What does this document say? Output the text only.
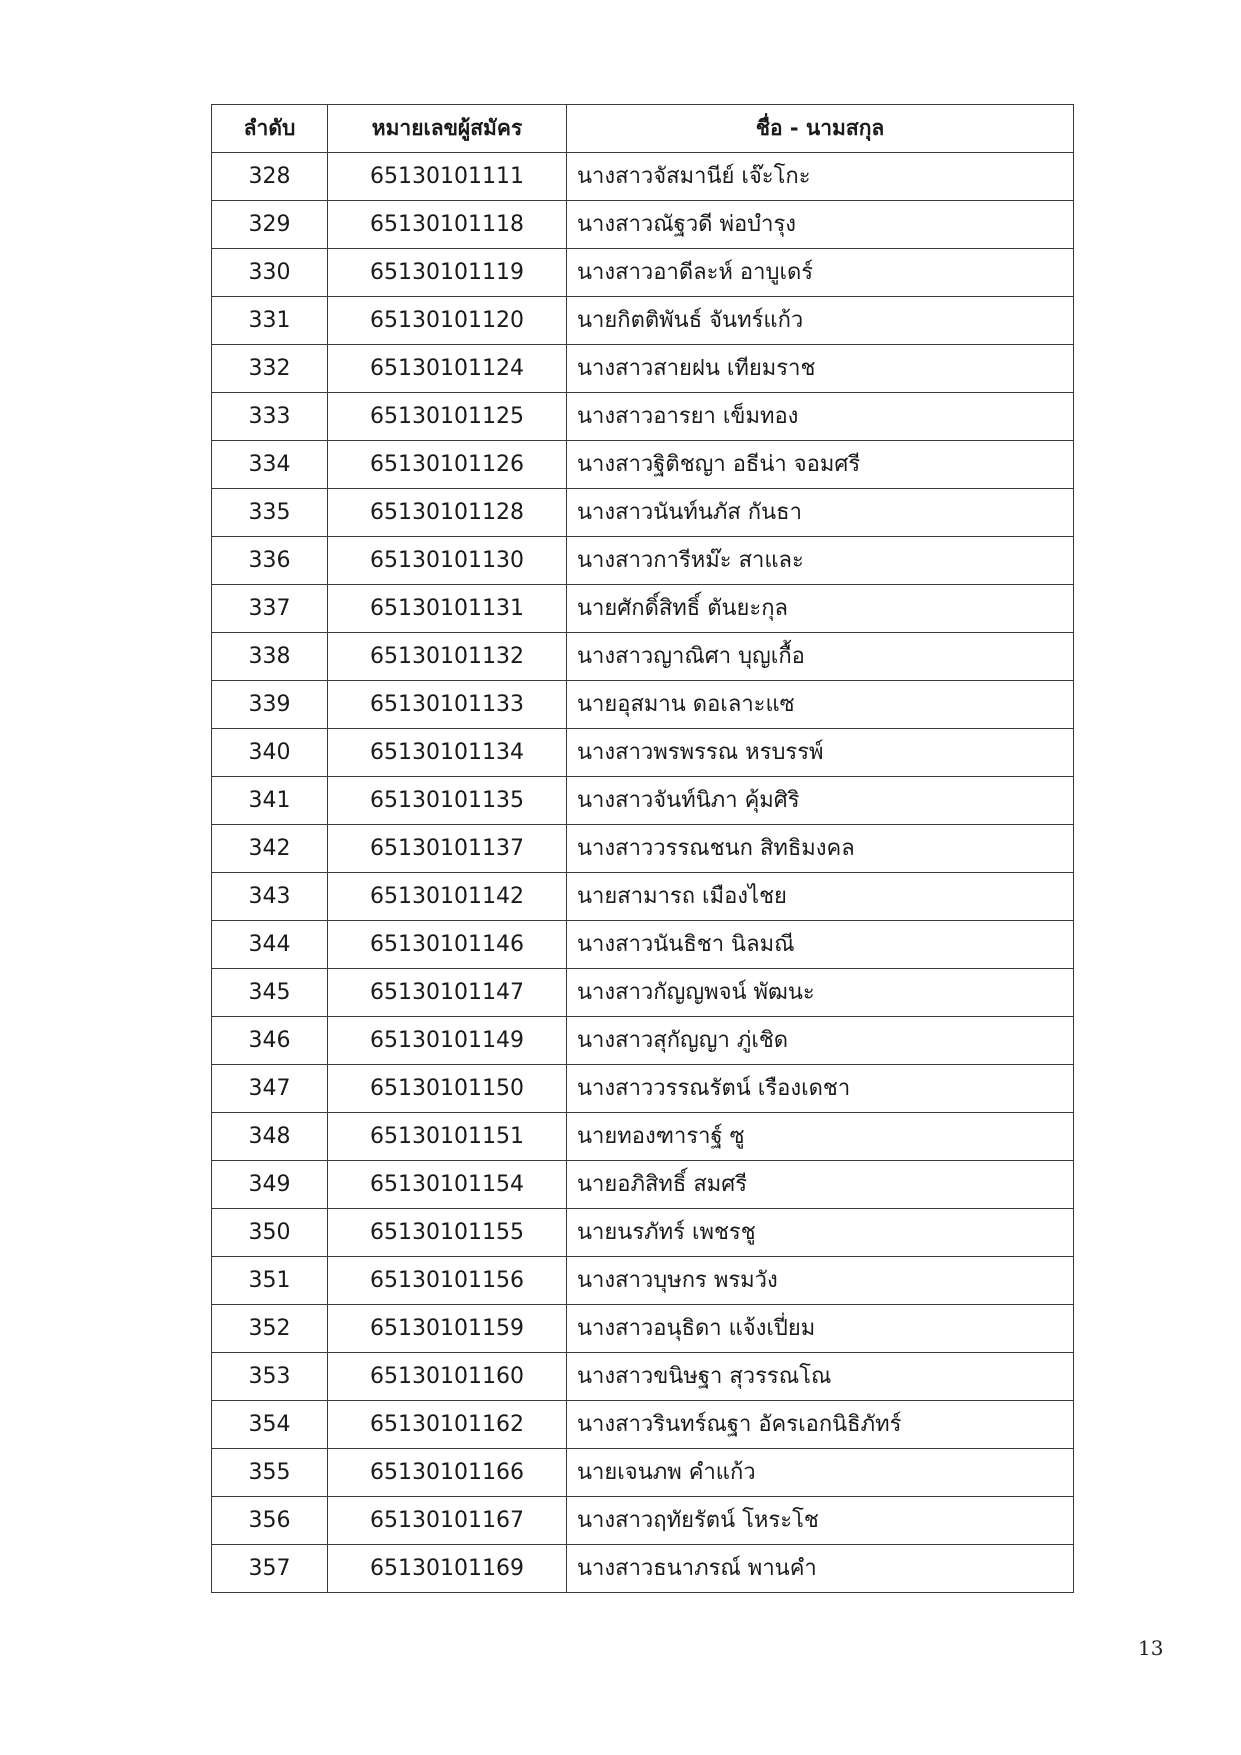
ลำดับ	หมายเลขผู้สมัคร	ชื่อ - นามสกุล
328	65130101111	นางสาวจัสมานีย์ เจ๊ะโกะ
329	65130101118	นางสาวณัฐวดี พ่อบำรุง
330	65130101119	นางสาวอาดีละห์ อาบูเดร์
331	65130101120	นายกิตติพันธ์ จันทร์แก้ว
332	65130101124	นางสาวสายฝน เทียมราช
333	65130101125	นางสาวอารยา เข็มทอง
334	65130101126	นางสาวฐิติชญา อธีน่า จอมศรี
335	65130101128	นางสาวนันท์นภัส กันธา
336	65130101130	นางสาวการีหม๊ะ สาและ
337	65130101131	นายศักดิ์สิทธิ์ ตันยะกุล
338	65130101132	นางสาวญาณิศา บุญเกื้อ
339	65130101133	นายอุสมาน ดอเลาะแซ
340	65130101134	นางสาวพรพรรณ หรบรรพ์
341	65130101135	นางสาวจันท์นิภา คุ้มศิริ
342	65130101137	นางสาววรรณชนก สิทธิมงคล
343	65130101142	นายสามารถ เมืองไชย
344	65130101146	นางสาวนันธิชา นิลมณี
345	65130101147	นางสาวกัญญพจน์ พัฒนะ
346	65130101149	นางสาวสุกัญญา ภู่เชิด
347	65130101150	นางสาววรรณรัตน์ เรืองเดชา
348	65130101151	นายทองฑาราฐ์ ซู
349	65130101154	นายอภิสิทธิ์ สมศรี
350	65130101155	นายนรภัทร์ เพชรชู
351	65130101156	นางสาวบุษกร พรมวัง
352	65130101159	นางสาวอนุธิดา แจ้งเปี่ยม
353	65130101160	นางสาวขนิษฐา สุวรรณโณ
354	65130101162	นางสาวรินทร์ณฐา อัครเอกนิธิภัทร์
355	65130101166	นายเจนภพ คำแก้ว
356	65130101167	นางสาวฤทัยรัตน์ โหระโช
357	65130101169	นางสาวธนาภรณ์ พานคำ
13
